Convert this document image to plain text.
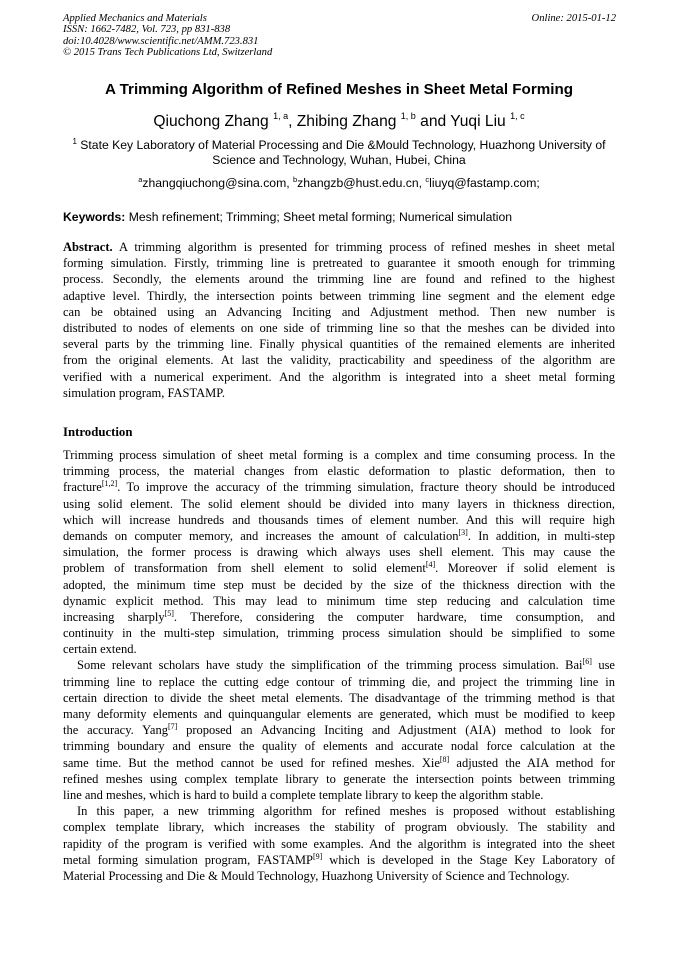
Applied Mechanics and Materials
ISSN: 1662-7482, Vol. 723, pp 831-838
doi:10.4028/www.scientific.net/AMM.723.831
© 2015 Trans Tech Publications Ltd, Switzerland
Online: 2015-01-12
A Trimming Algorithm of Refined Meshes in Sheet Metal Forming
Qiuchong Zhang $^{1, a}$, Zhibing Zhang $^{1, b}$ and Yuqi Liu $^{1, c}$
$^1$ State Key Laboratory of Material Processing and Die &Mould Technology, Huazhong University of
Science and Technology, Wuhan, Hubei, China
$^a$zhangqiuchong@sina.com, $^b$zhangzb@hust.edu.cn, $^c$liuyq@fastamp.com;
Keywords: Mesh refinement; Trimming; Sheet metal forming; Numerical simulation
Abstract. A trimming algorithm is presented for trimming process of refined meshes in sheet metal
forming simulation. Firstly, trimming line is pretreated to guarantee it smooth enough for trimming
process. Secondly, the elements around the trimming line are found and refined to the highest
adaptive level. Thirdly, the intersection points between trimming line segment and the element edge
can be obtained using an Advancing Inciting and Adjustment method. Then new number is
distributed to nodes of elements on one side of trimming line so that the meshes can be divided into
several parts by the trimming line. Finally physical quantities of the remained elements are inherited
from the original elements. At last the validity, practicability and speediness of the algorithm are
verified with a numerical experiment. And the algorithm is integrated into a sheet metal forming
simulation program, FASTAMP.
Introduction
Trimming process simulation of sheet metal forming is a complex and time consuming process. In the
trimming process, the material changes from elastic deformation to plastic deformation, then to
fracture[1,2]. To improve the accuracy of the trimming simulation, fracture theory should be introduced
using solid element. The solid element should be divided into many layers in thickness direction,
which will increase hundreds and thousands times of element number. And this will require high
demands on computer memory, and increases the amount of calculation[3]. In addition, in multi-step
simulation, the former process is drawing which always uses shell element. This may cause the
problem of transformation from shell element to solid element[4]. Moreover if solid element is
adopted, the minimum time step must be decided by the size of the thickness direction with the
dynamic explicit method. This may lead to minimum time step reducing and calculation time
increasing sharply[5]. Therefore, considering the computer hardware, time consumption, and
continuity in the multi-step simulation, trimming process simulation should be simplified to some
certain extend.
Some relevant scholars have study the simplification of the trimming process simulation. Bai[6] use
trimming line to replace the cutting edge contour of trimming die, and project the trimming line in
certain direction to divide the sheet metal elements. The disadvantage of the trimming method is that
many deformity elements and quinquangular elements are generated, which must be modified to keep
the accuracy. Yang[7] proposed an Advancing Inciting and Adjustment (AIA) method to look for
trimming boundary and ensure the quality of elements and accurate nodal force calculation at the
same time. But the method cannot be used for refined meshes. Xie[8] adjusted the AIA method for
refined meshes using complex template library to generate the intersection points between trimming
line and meshes, which is hard to build a complete template library to keep the algorithm stable.
In this paper, a new trimming algorithm for refined meshes is proposed without establishing
complex template library, which increases the stability of program obviously. The stability and
rapidity of the program is verified with some examples. And the algorithm is integrated into the sheet
metal forming simulation program, FASTAMP[9] which is developed in the Stage Key Laboratory of
Material Processing and Die & Mould Technology, Huazhong University of Science and Technology.
